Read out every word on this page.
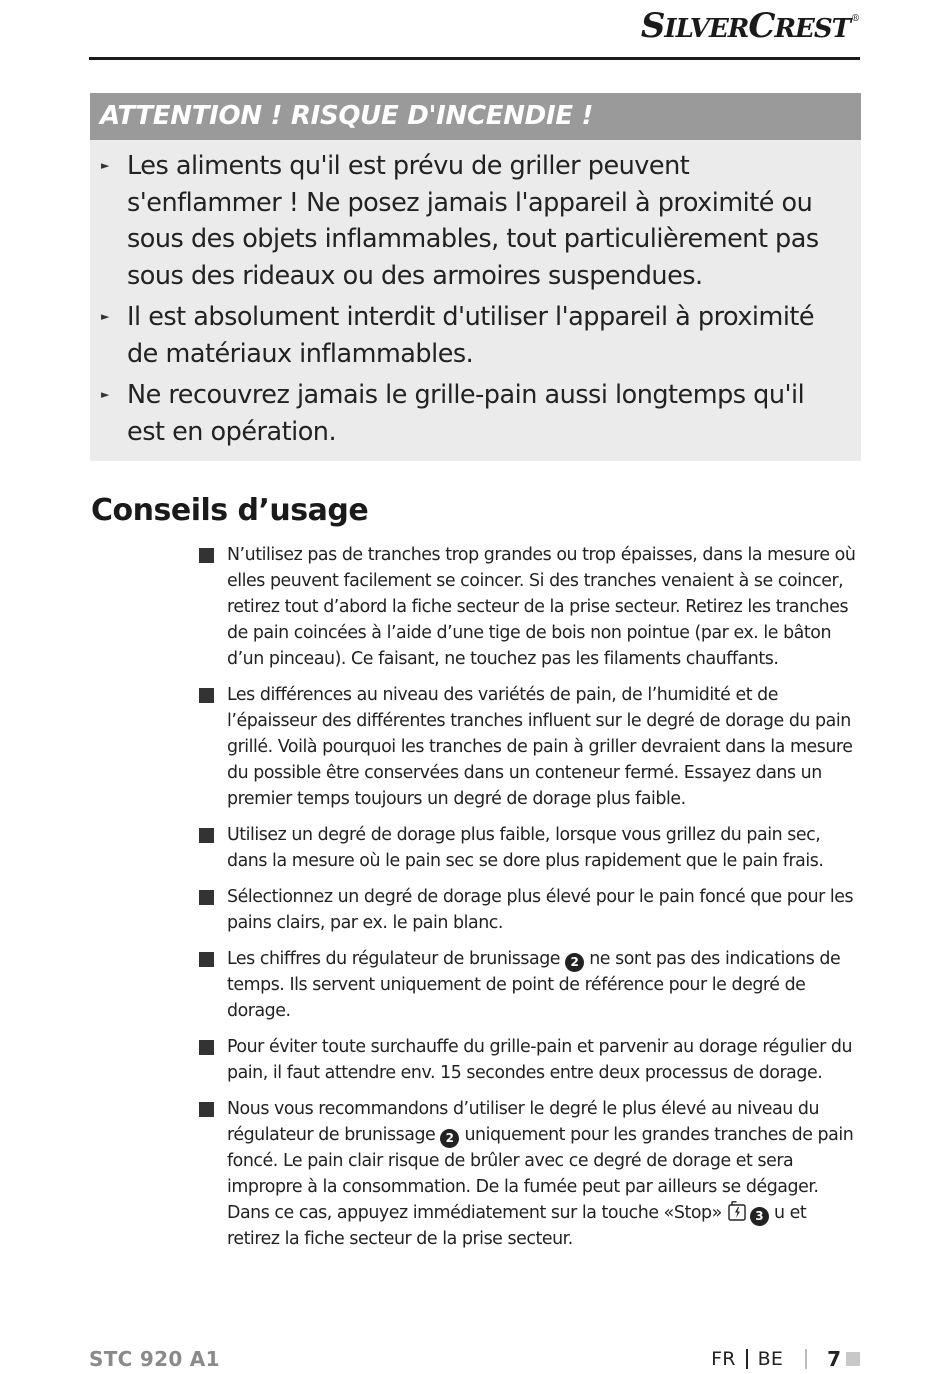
SILVERCREST®
ATTENTION ! RISQUE D'INCENDIE !
► Les aliments qu'il est prévu de griller peuvent s'enflammer ! Ne posez jamais l'appareil à proximité ou sous des objets inflammables, tout particulièrement pas sous des rideaux ou des armoires suspendues.
► Il est absolument interdit d'utiliser l'appareil à proximité de matériaux inflammables.
► Ne recouvrez jamais le grille-pain aussi longtemps qu'il est en opération.
Conseils d’usage
N’utilisez pas de tranches trop grandes ou trop épaisses, dans la mesure où elles peuvent facilement se coincer. Si des tranches venaient à se coincer, retirez tout d’abord la fiche secteur de la prise secteur. Retirez les tranches de pain coincées à l’aide d’une tige de bois non pointue (par ex. le bâton d’un pinceau). Ce faisant, ne touchez pas les filaments chauffants.
Les différences au niveau des variétés de pain, de l’humidité et de l’épaisseur des différentes tranches influent sur le degré de dorage du pain grillé. Voilà pourquoi les tranches de pain à griller devraient dans la mesure du possible être conservées dans un conteneur fermé. Essayez dans un premier temps toujours un degré de dorage plus faible.
Utilisez un degré de dorage plus faible, lorsque vous grillez du pain sec, dans la mesure où le pain sec se dore plus rapidement que le pain frais.
Sélectionnez un degré de dorage plus élevé pour le pain foncé que pour les pains clairs, par ex. le pain blanc.
Les chiffres du régulateur de brunissage 2 ne sont pas des indications de temps. Ils servent uniquement de point de référence pour le degré de dorage.
Pour éviter toute surchauffe du grille-pain et parvenir au dorage régulier du pain, il faut attendre env. 15 secondes entre deux processus de dorage.
Nous vous recommandons d’utiliser le degré le plus élevé au niveau du régulateur de brunissage 2 uniquement pour les grandes tranches de pain foncé. Le pain clair risque de brûler avec ce degré de dorage et sera impropre à la consommation. De la fumée peut par ailleurs se dégager. Dans ce cas, appuyez immédiatement sur la touche «Stop»	3 u et retirez la fiche secteur de la prise secteur.
STC 920 A1	FR BE 7
